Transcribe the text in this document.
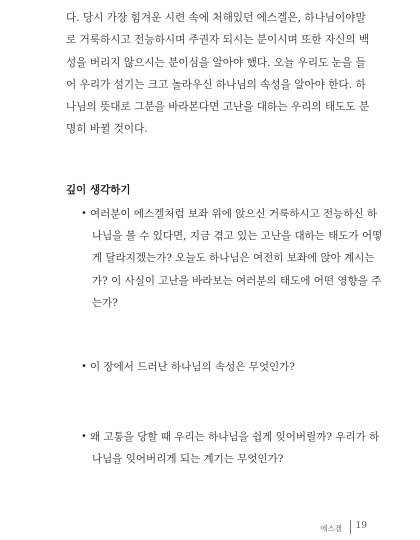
다. 당시 가장 힘겨운 시련 속에 처해있던 에스겔은, 하나님이야말
로 거룩하시고 전능하시며 주권자 되시는 분이시며 또한 자신의 백
성을 버리지 않으시는 분이심을 알아야 했다. 오늘 우리도 눈을 들
어 우리가 섬기는 크고 놀라우신 하나님의 속성을 알아야 한다. 하
나님의 뜻대로 그분을 바라본다면 고난을 대하는 우리의 태도도 분
명히 바뀔 것이다.

깊이 생각하기
• 여러분이 에스겔처럼 보좌 위에 앉으신 거룩하시고 전능하신 하
나님을 볼 수 있다면, 지금 겪고 있는 고난을 대하는 태도가 어떻
게 달라지겠는가? 오늘도 하나님은 여전히 보좌에 앉아 계시는
가? 이 사실이 고난을 바라보는 여러분의 태도에 어떤 영향을 주
는가?
• 이 장에서 드러난 하나님의 속성은 무엇인가?
• 왜 고통을 당할 때 우리는 하나님을 쉽게 잊어버릴까? 우리가 하
나님을 잊어버리게 되는 계기는 무엇인가?
에스겔 19
